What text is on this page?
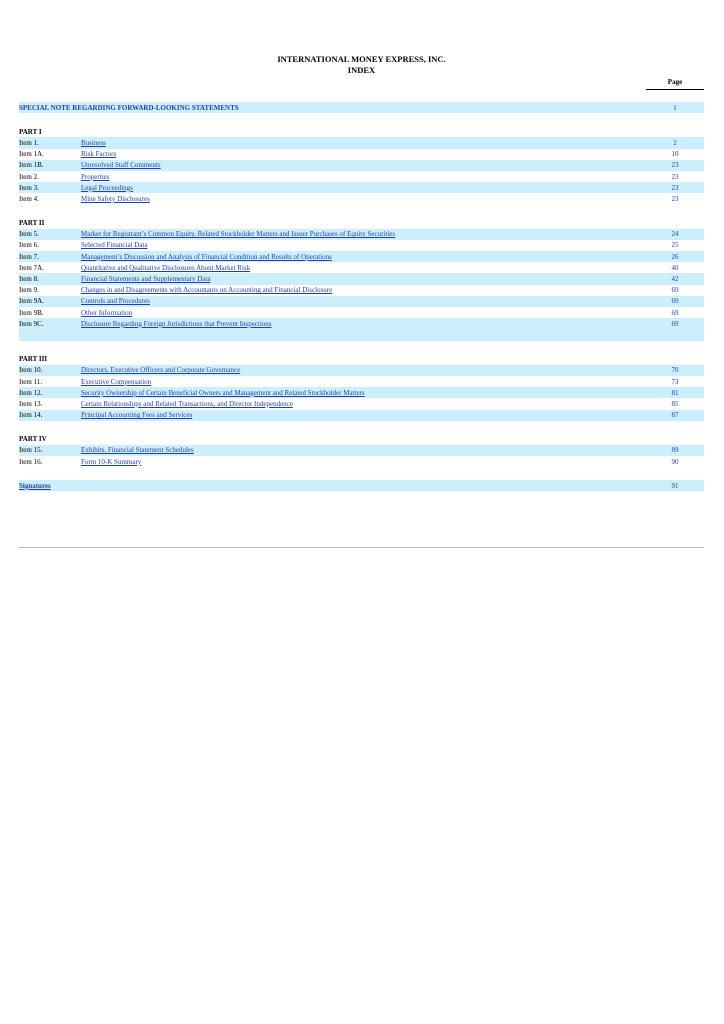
INTERNATIONAL MONEY EXPRESS, INC.
INDEX
Page
SPECIAL NOTE REGARDING FORWARD-LOOKING STATEMENTS	1
PART I
Item 1.	Business	2
Item 1A.	Risk Factors	10
Item 1B.	Unresolved Staff Comments	23
Item 2.	Properties	23
Item 3.	Legal Proceedings	23
Item 4.	Mine Safety Disclosures	23
PART II
Item 5.	Market for Registrant’s Common Equity, Related Stockholder Matters and Issuer Purchases of Equity Securities	24
Item 6.	Selected Financial Data	25
Item 7.	Management’s Discussion and Analysis of Financial Condition and Results of Operations	26
Item 7A.	Quantitative and Qualitative Disclosures About Market Risk	40
Item 8.	Financial Statements and Supplementary Data	42
Item 9.	Changes in and Disagreements with Accountants on Accounting and Financial Disclosure	69
Item 9A.	Controls and Procedures	69
Item 9B.	Other Information	69
Item 9C.	Disclosure Regarding Foreign Jurisdictions that Prevent Inspections	69
PART III
Item 10.	Directors, Executive Officers and Corporate Governance	70
Item 11.	Executive Compensation	73
Item 12.	Security Ownership of Certain Beneficial Owners and Management and Related Stockholder Matters	81
Item 13.	Certain Relationships and Related Transactions, and Director Independence	85
Item 14.	Principal Accounting Fees and Services	87
PART IV
Item 15.	Exhibits, Financial Statement Schedules	89
Item 16.	Form 10-K Summary	90
Signatures	91
